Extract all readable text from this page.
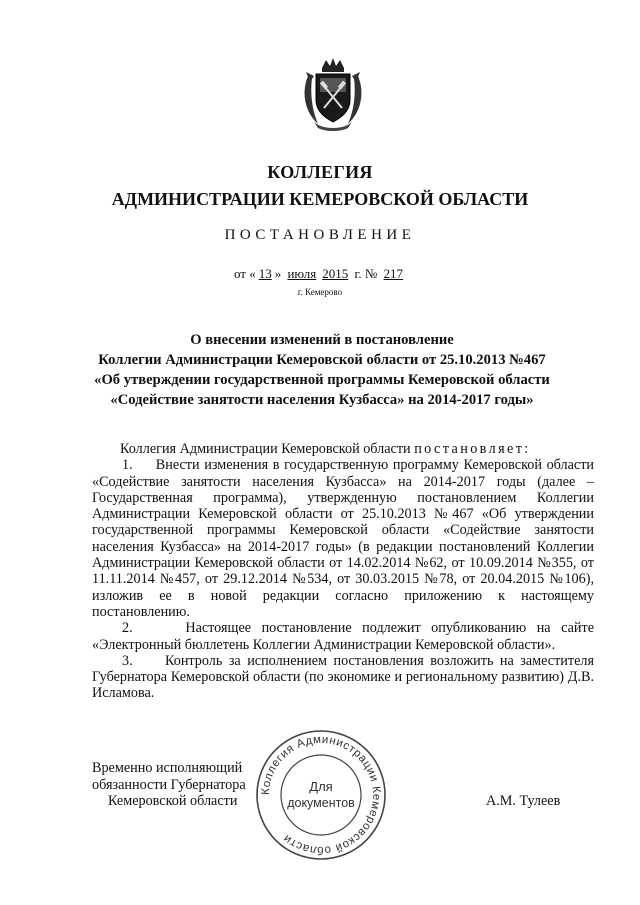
КОЛЛЕГИЯ
АДМИНИСТРАЦИИ КЕМЕРОВСКОЙ ОБЛАСТИ
ПОСТАНОВЛЕНИЕ
от « 13 » июля 2015 г. № 217
г. Кемерово
О внесении изменений в постановление
Коллегии Администрации Кемеровской области от 25.10.2013 №467
«Об утверждении государственной программы Кемеровской области
«Содействие занятости населения Кузбасса» на 2014-2017 годы»
Коллегия Администрации Кемеровской области постановляет:

1.     Внести изменения в государственную программу Кемеровской области «Содействие занятости населения Кузбасса» на 2014-2017 годы (далее – Государственная программа), утвержденную постановлением Коллегии Администрации Кемеровской области от 25.10.2013 №467 «Об утверждении государственной программы Кемеровской области «Содействие занятости населения Кузбасса» на 2014-2017 годы» (в редакции постановлений Коллегии Администрации Кемеровской области от 14.02.2014 №62, от 10.09.2014 №355, от 11.11.2014 №457, от 29.12.2014 №534, от 30.03.2015 №78, от 20.04.2015 №106), изложив ее в новой редакции согласно приложению к настоящему постановлению.

2.     Настоящее постановление подлежит опубликованию на сайте «Электронный бюллетень Коллегии Администрации Кемеровской области».

3.     Контроль за исполнением постановления возложить на заместителя Губернатора Кемеровской области (по экономике и региональному развитию) Д.В. Исламова.

Временно исполняющий
обязанности Губернатора
Кемеровской области	А.М. Тулеев
Коллегия Администрации Кемеровской области
Для
документов
